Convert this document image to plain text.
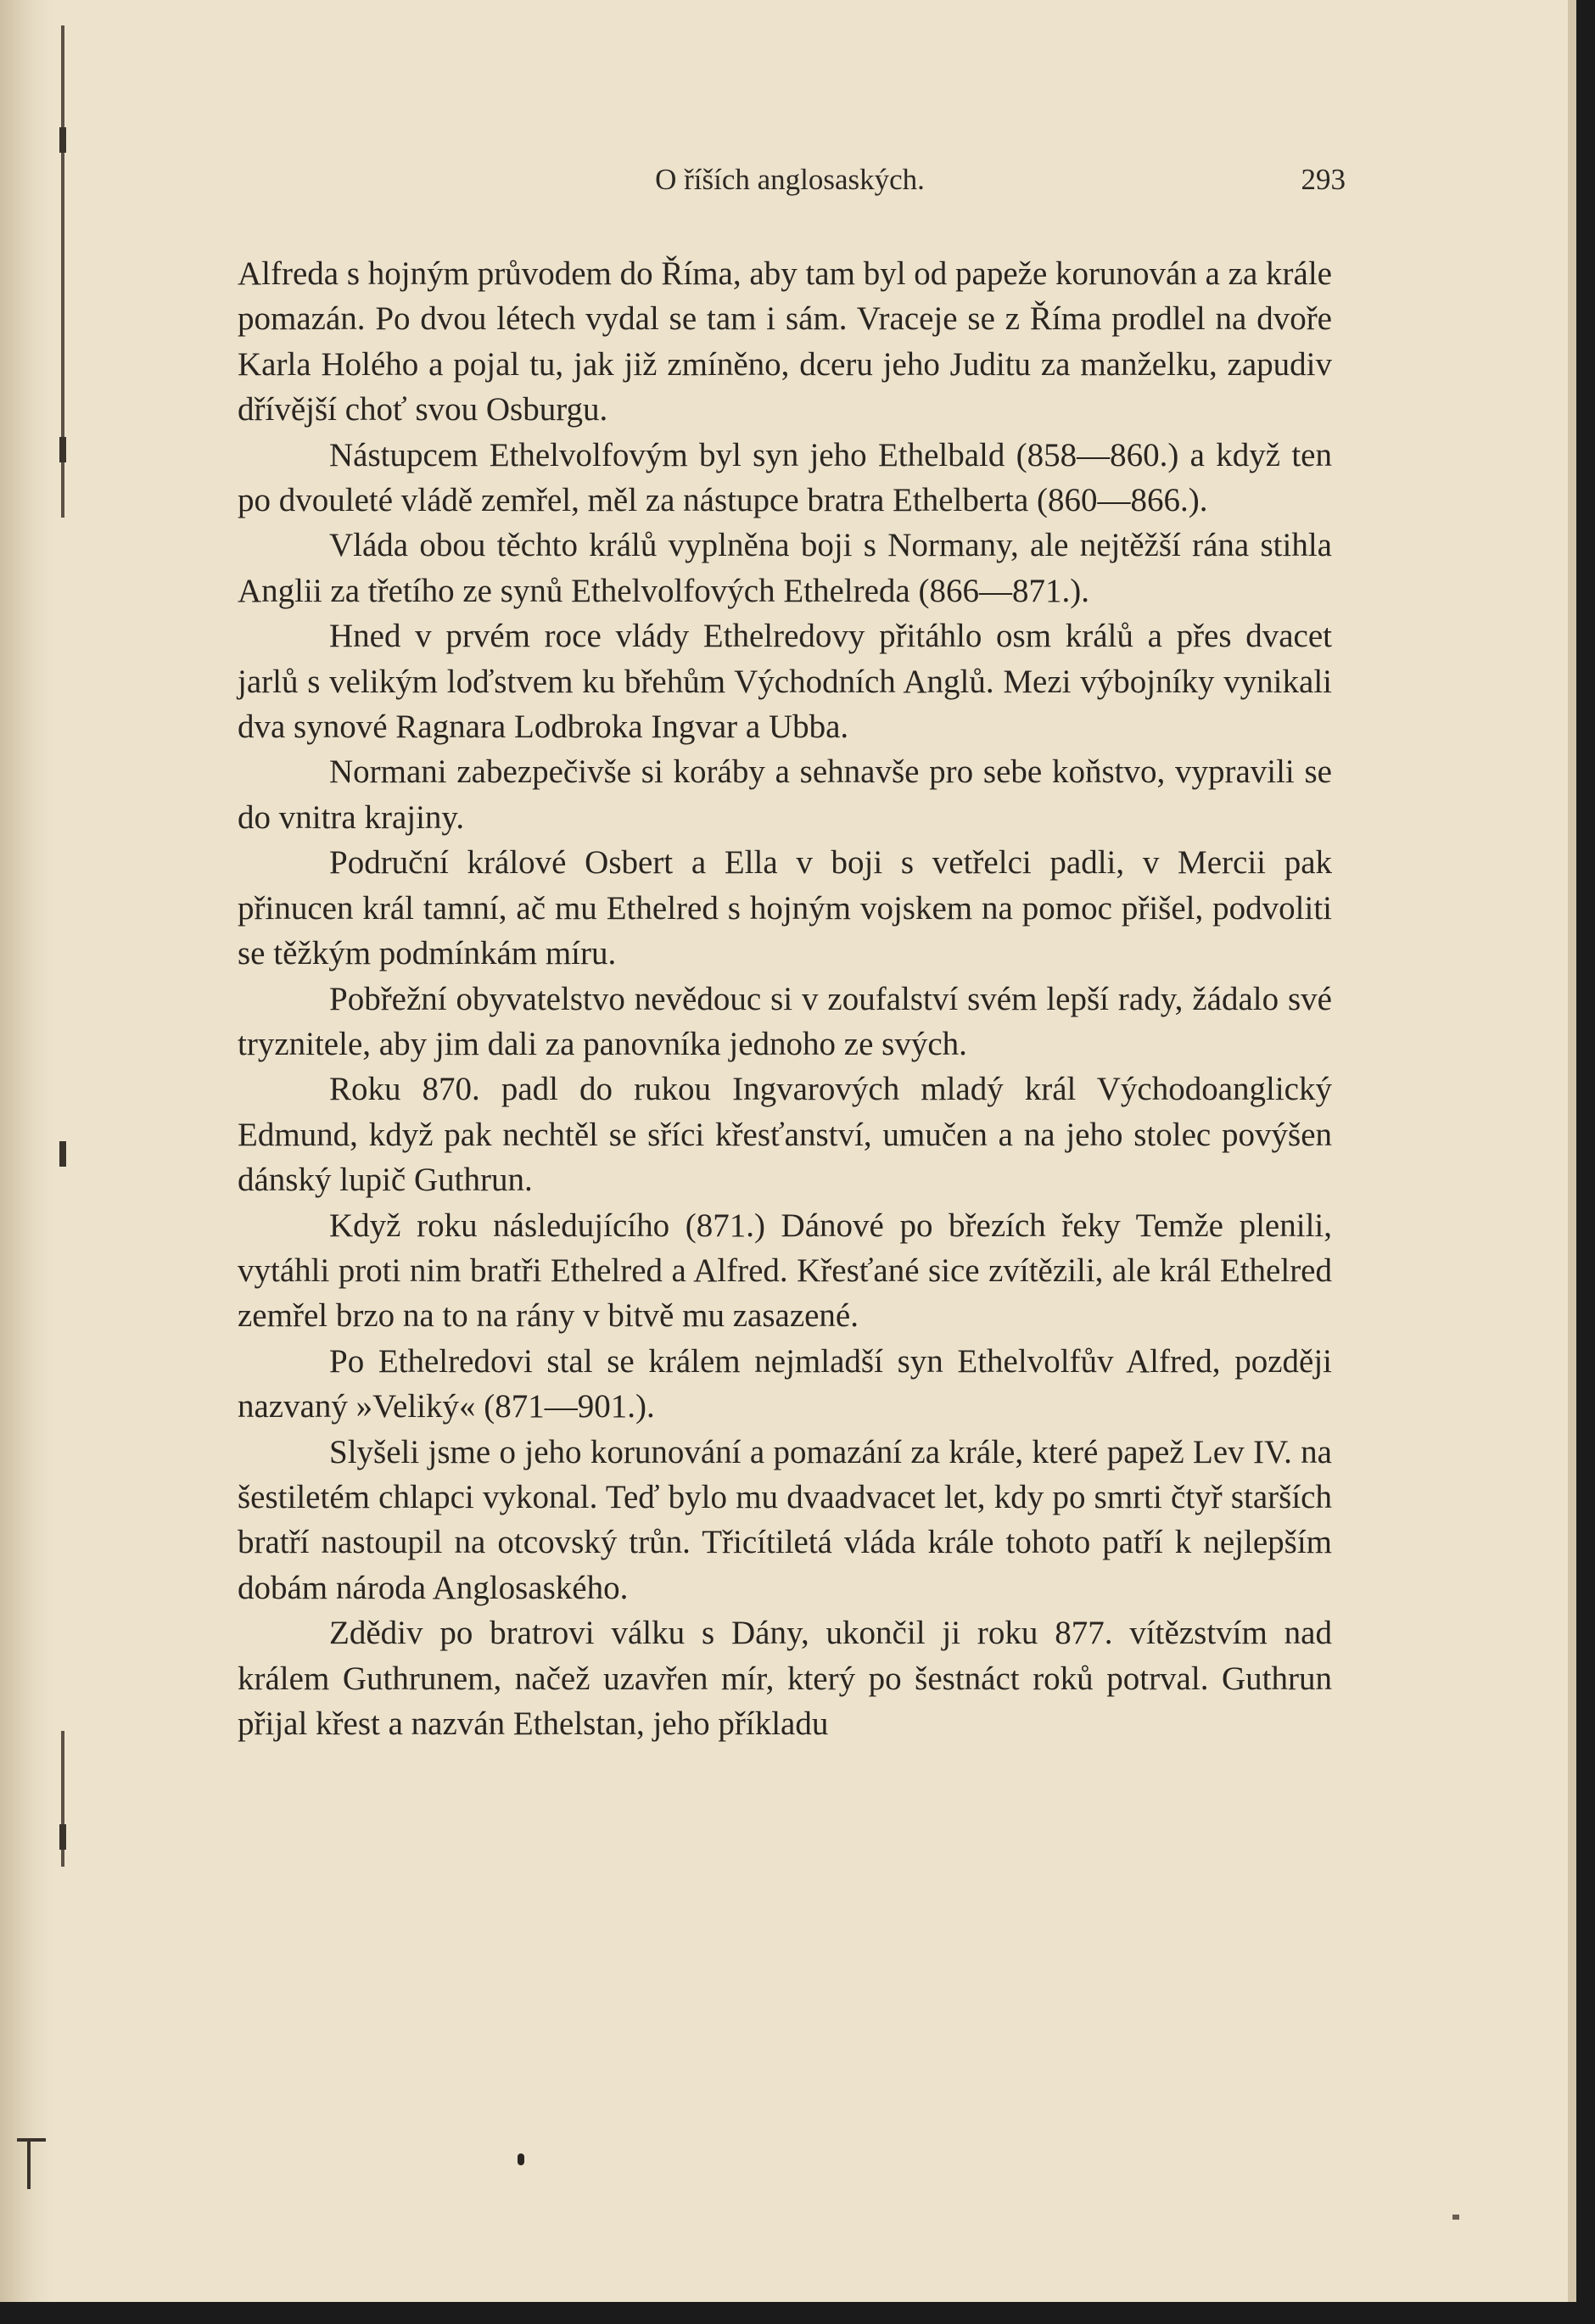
O říších anglosaských.	293

Alfreda s hojným průvodem do Říma, aby tam byl od papeže korunován a za krále pomazán. Po dvou létech vydal se tam i sám. Vraceje se z Říma prodlel na dvoře Karla Holého a pojal tu, jak již zmíněno, dceru jeho Juditu za manželku, zapudiv dřívější choť svou Osburgu.

Nástupcem Ethelvolfovým byl syn jeho Ethelbald (858—860.) a když ten po dvouleté vládě zemřel, měl za nástupce bratra Ethelberta (860—866.).

Vláda obou těchto králů vyplněna boji s Normany, ale nejtěžší rána stihla Anglii za třetího ze synů Ethelvolfových Ethelreda (866—871.).

Hned v prvém roce vlády Ethelredovy přitáhlo osm králů a přes dvacet jarlů s velikým loďstvem ku břehům Východních Anglů. Mezi výbojníky vynikali dva synové Ragnara Lodbroka Ingvar a Ubba.

Normani zabezpečivše si koráby a sehnavše pro sebe koňstvo, vypravili se do vnitra krajiny.

Područní králové Osbert a Ella v boji s vetřelci padli, v Mercii pak přinucen král tamní, ač mu Ethelred s hojným vojskem na pomoc přišel, podvoliti se těžkým podmínkám míru.

Pobřežní obyvatelstvo nevědouc si v zoufalství svém lepší rady, žádalo své tryznitele, aby jim dali za panovníka jednoho ze svých.

Roku 870. padl do rukou Ingvarových mladý král Východoanglický Edmund, když pak nechtěl se sříci křesťanství, umučen a na jeho stolec povýšen dánský lupič Guthrun.

Když roku následujícího (871.) Dánové po březích řeky Temže plenili, vytáhli proti nim bratři Ethelred a Alfred. Křesťané sice zvítězili, ale král Ethelred zemřel brzo na to na rány v bitvě mu zasazené.

Po Ethelredovi stal se králem nejmladší syn Ethelvolfův Alfred, později nazvaný »Veliký« (871—901.).

Slyšeli jsme o jeho korunování a pomazání za krále, které papež Lev IV. na šestiletém chlapci vykonal. Teď bylo mu dvaadvacet let, kdy po smrti čtyř starších bratří nastoupil na otcovský trůn. Třicítiletá vláda krále tohoto patří k nejlepším dobám národa Anglosaského.

Zdědiv po bratrovi válku s Dány, ukončil ji roku 877. vítězstvím nad králem Guthrunem, načež uzavřen mír, který po šestnáct roků potrval. Guthrun přijal křest a nazván Ethelstan, jeho příkladu
